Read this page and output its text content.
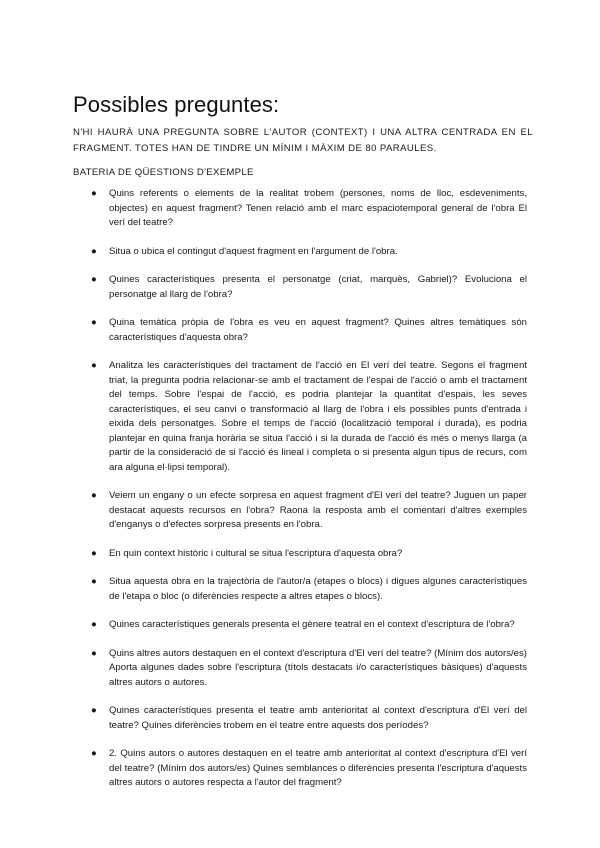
Possibles preguntes:

N'HI HAURÀ UNA PREGUNTA SOBRE L'AUTOR (CONTEXT) I UNA ALTRA CENTRADA EN EL FRAGMENT. TOTES HAN DE TINDRE UN MÍNIM I MÀXIM DE 80 PARAULES.

BATERIA DE QÜESTIONS D'EXEMPLE

● Quins referents o elements de la realitat trobem (persones, noms de lloc, esdeveniments, objectes) en aquest fragment? Tenen relació amb el marc espaciotemporal general de l'obra El verí del teatre?
● Situa o ubica el contingut d'aquest fragment en l'argument de l'obra.
● Quines característiques presenta el personatge (criat, marquès, Gabriel)? Evoluciona el personatge al llarg de l'obra?
● Quina temàtica pròpia de l'obra es veu en aquest fragment? Quines altres temàtiques són característiques d'aquesta obra?
● Analitza les característiques del tractament de l'acció en El verí del teatre. Segons el fragment triat, la pregunta podria relacionar-se amb el tractament de l'espai de l'acció o amb el tractament del temps. Sobre l'espai de l'acció, es podria plantejar la quantitat d'espais, les seves característiques, el seu canvi o transformació al llarg de l'obra i els possibles punts d'entrada i eixida dels personatges. Sobre el temps de l'acció (localització temporal i durada), es podria plantejar en quina franja horària se situa l'acció i si la durada de l'acció és més o menys llarga (a partir de la consideració de si l'acció és lineal i completa o si presenta algun tipus de recurs, com ara alguna el·lipsi temporal).
● Veiem un engany o un efecte sorpresa en aquest fragment d'El verí del teatre? Juguen un paper destacat aquests recursos en l'obra? Raona la resposta amb el comentari d'altres exemples d'enganys o d'efectes sorpresa presents en l'obra.
● En quin context històric i cultural se situa l'escriptura d'aquesta obra?
● Situa aquesta obra en la trajectòria de l'autor/a (etapes o blocs) i digues algunes característiques de l'etapa o bloc (o diferències respecte a altres etapes o blocs).
● Quines característiques generals presenta el gènere teatral en el context d'escriptura de l'obra?
● Quins altres autors destaquen en el context d'escriptura d'El verí del teatre? (Mínim dos autors/es) Aporta algunes dades sobre l'escriptura (títols destacats i/o característiques bàsiques) d'aquests altres autors o autores.
● Quines característiques presenta el teatre amb anterioritat al context d'escriptura d'El verí del teatre? Quines diferències trobem en el teatre entre aquests dos períodes?
● 2. Quins autors o autores destaquen en el teatre amb anterioritat al context d'escriptura d'El verí del teatre? (Mínim dos autors/es) Quines semblances o diferències presenta l'escriptura d'aquests altres autors o autores respecta a l'autor del fragment?
